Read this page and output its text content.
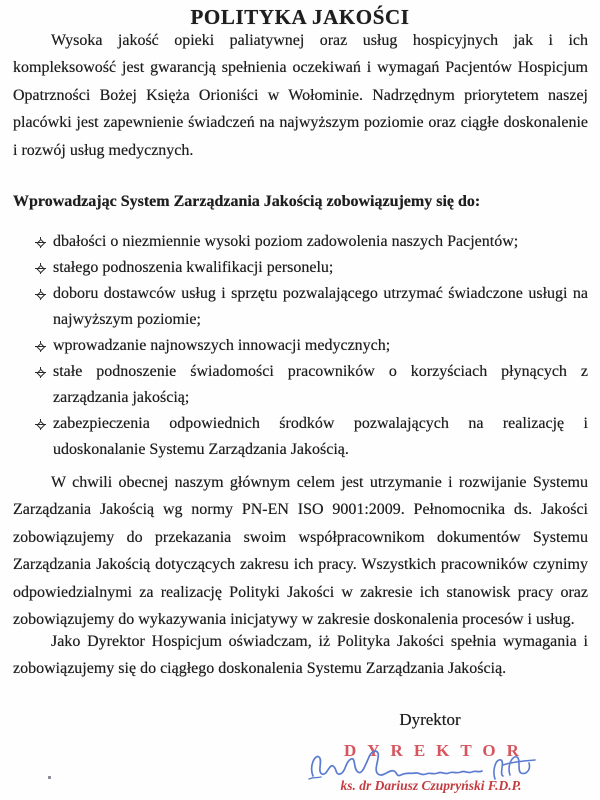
POLITYKA JAKOŚCI

Wysoka jakość opieki paliatywnej oraz usług hospicyjnych jak i ich kompleksowość jest gwarancją spełnienia oczekiwań i wymagań Pacjentów Hospicjum Opatrzności Bożej Księża Orioniści w Wołominie. Nadrzędnym priorytetem naszej placówki jest zapewnienie świadczeń na najwyższym poziomie oraz ciągłe doskonalenie i rozwój usług medycznych.

Wprowadzając System Zarządzania Jakością zobowiązujemy się do:

dbałości o niezmiennie wysoki poziom zadowolenia naszych Pacjentów;
stałego podnoszenia kwalifikacji personelu;
doboru dostawców usług i sprzętu pozwalającego utrzymać świadczone usługi na najwyższym poziomie;
wprowadzanie najnowszych innowacji medycznych;
stałe podnoszenie świadomości pracowników o korzyściach płynących z zarządzania jakością;
zabezpieczenia odpowiednich środków pozwalających na realizację i udoskonalanie Systemu Zarządzania Jakością.

W chwili obecnej naszym głównym celem jest utrzymanie i rozwijanie Systemu Zarządzania Jakością wg normy PN-EN ISO 9001:2009. Pełnomocnika ds. Jakości zobowiązujemy do przekazania swoim współpracownikom dokumentów Systemu Zarządzania Jakością dotyczących zakresu ich pracy. Wszystkich pracowników czynimy odpowiedzialnymi za realizację Polityki Jakości w zakresie ich stanowisk pracy oraz zobowiązujemy do wykazywania inicjatywy w zakresie doskonalenia procesów i usług.

Jako Dyrektor Hospicjum oświadczam, iż Polityka Jakości spełnia wymagania i zobowiązujemy się do ciągłego doskonalenia Systemu Zarządzania Jakością.

Dyrektor
DYREKTOR
ks. dr Dariusz Czupryński F.D.P.
